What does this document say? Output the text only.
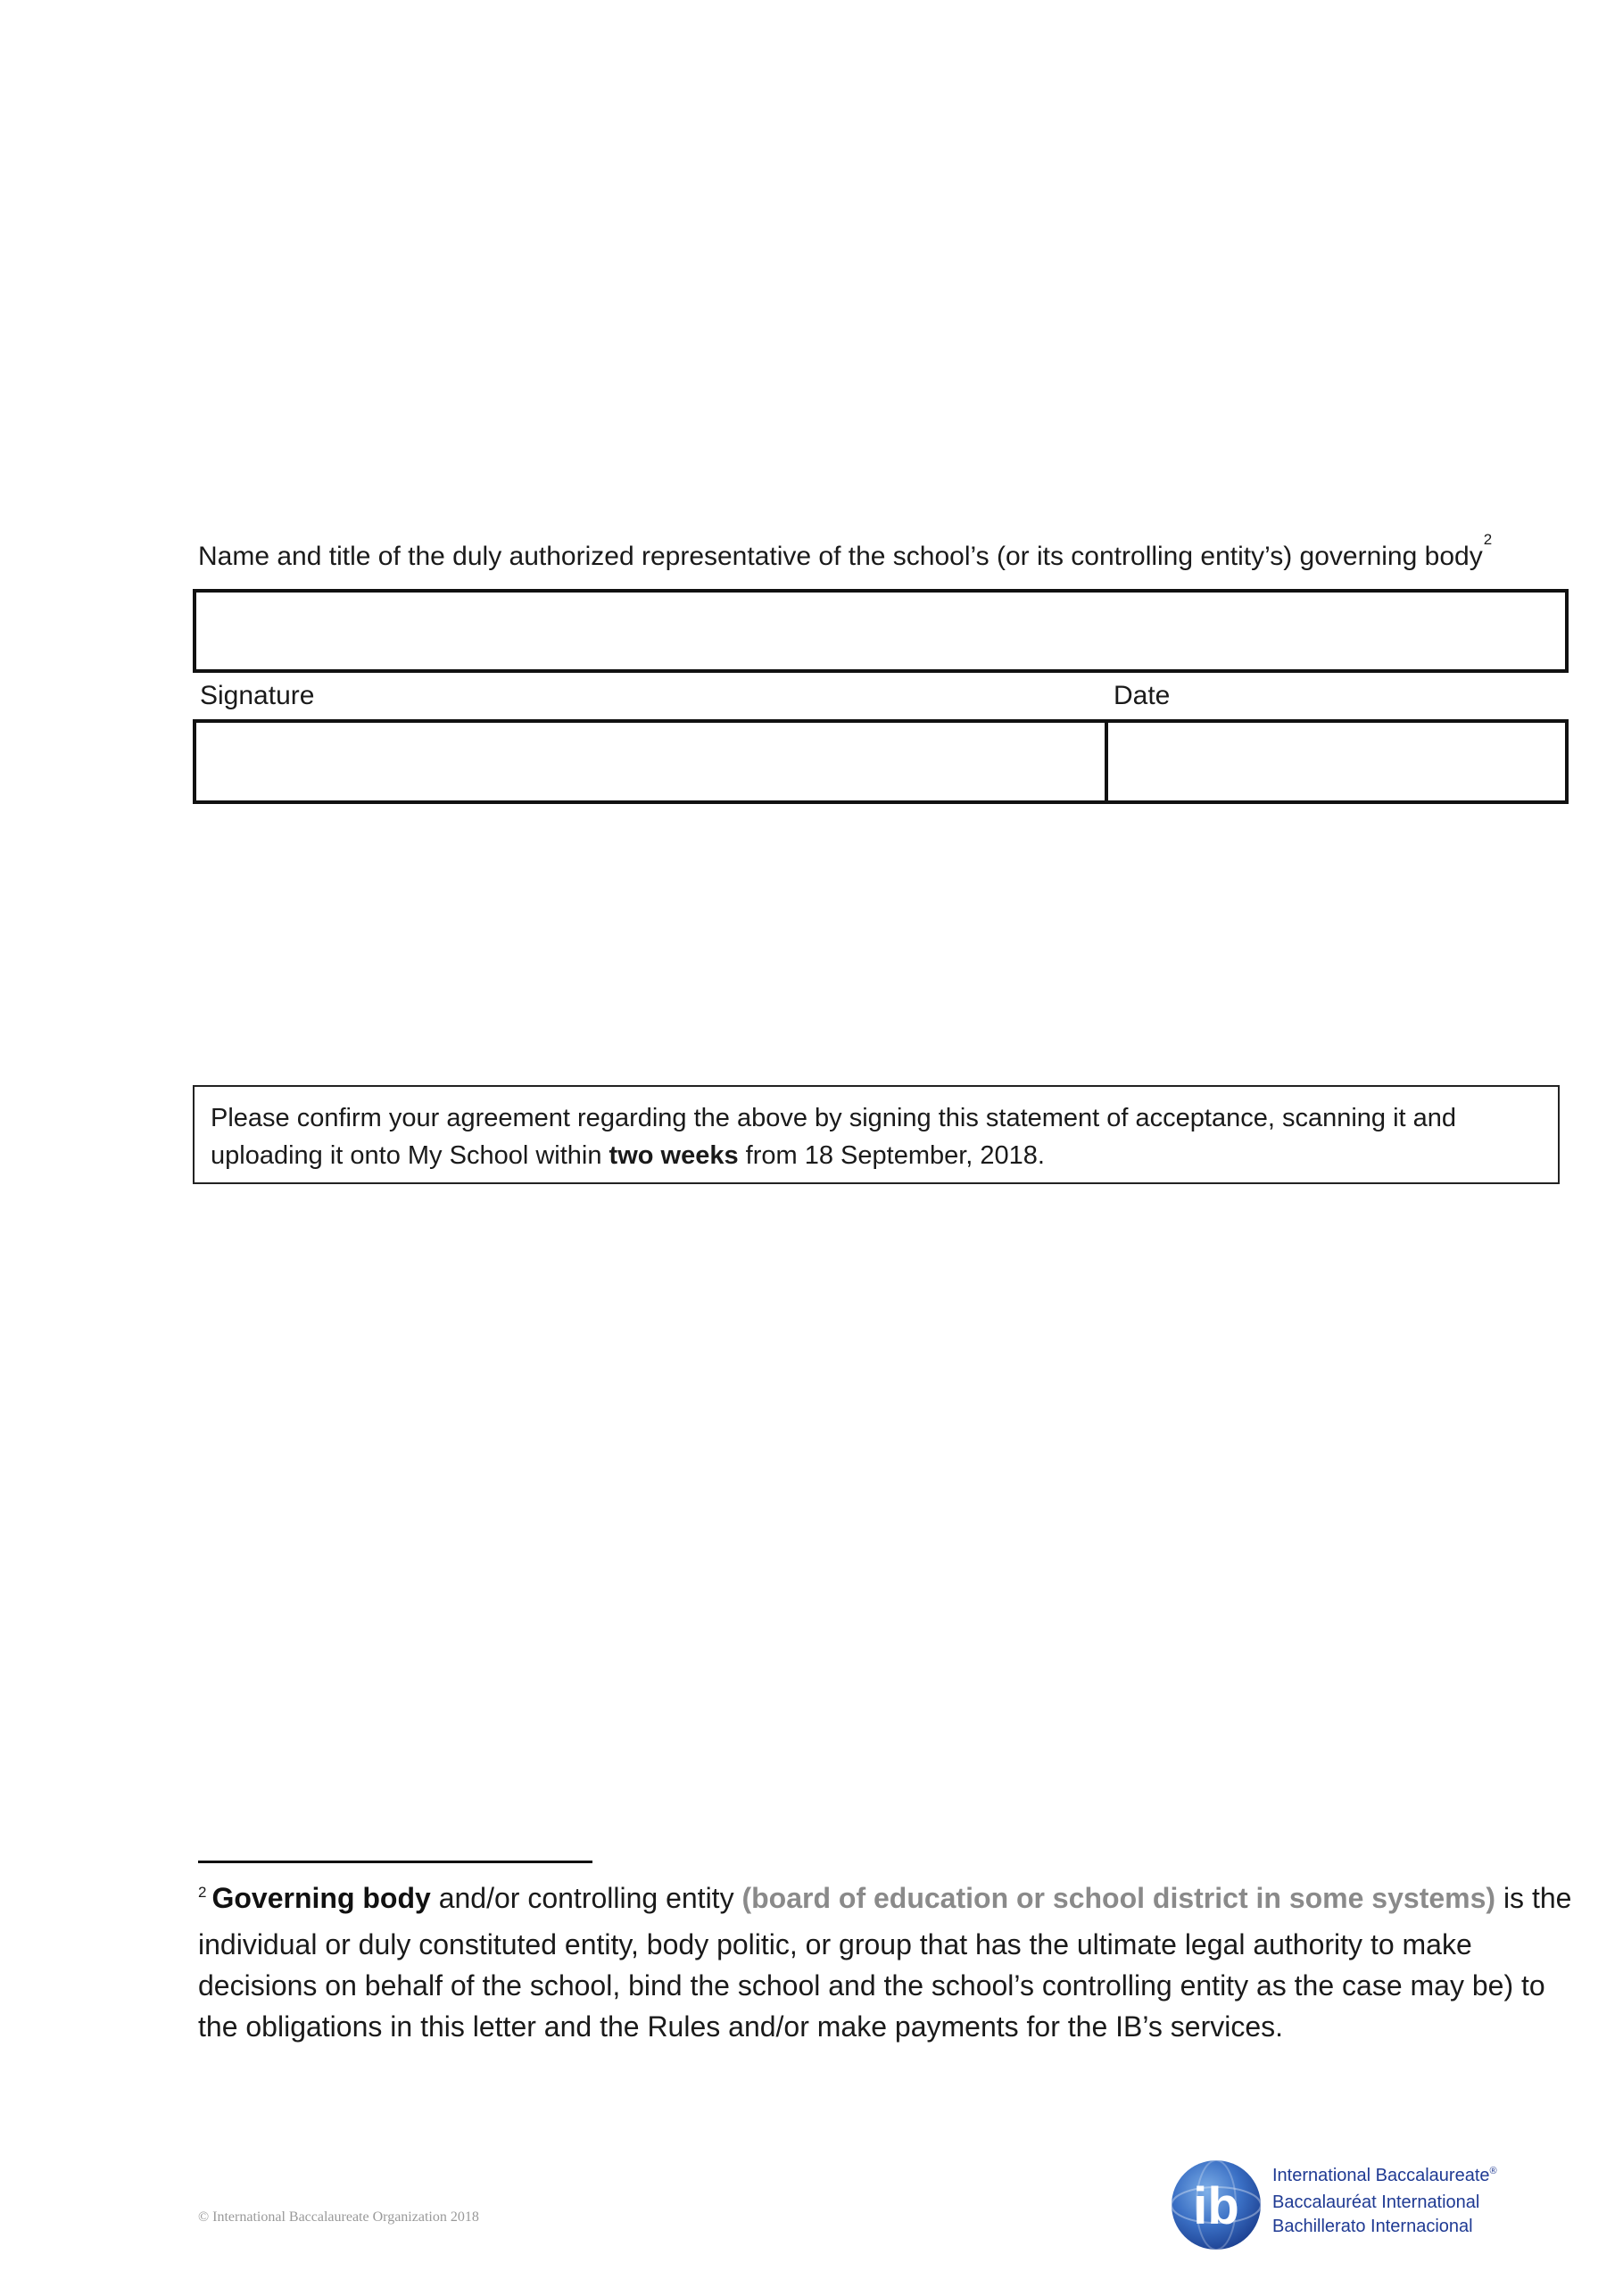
Name and title of the duly authorized representative of the school’s (or its controlling entity’s) governing body$^2$
Signature	Date
Please confirm your agreement regarding the above by signing this statement of acceptance, scanning it and uploading it onto My School within two weeks from 18 September, 2018.
$^2$ Governing body and/or controlling entity (board of education or school district in some systems) is the individual or duly constituted entity, body politic, or group that has the ultimate legal authority to make decisions on behalf of the school, bind the school and the school’s controlling entity as the case may be) to the obligations in this letter and the Rules and/or make payments for the IB’s services.
© International Baccalaureate Organization 2018	ib
International Baccalaureate®
Baccalauréat International
Bachillerato Internacional
